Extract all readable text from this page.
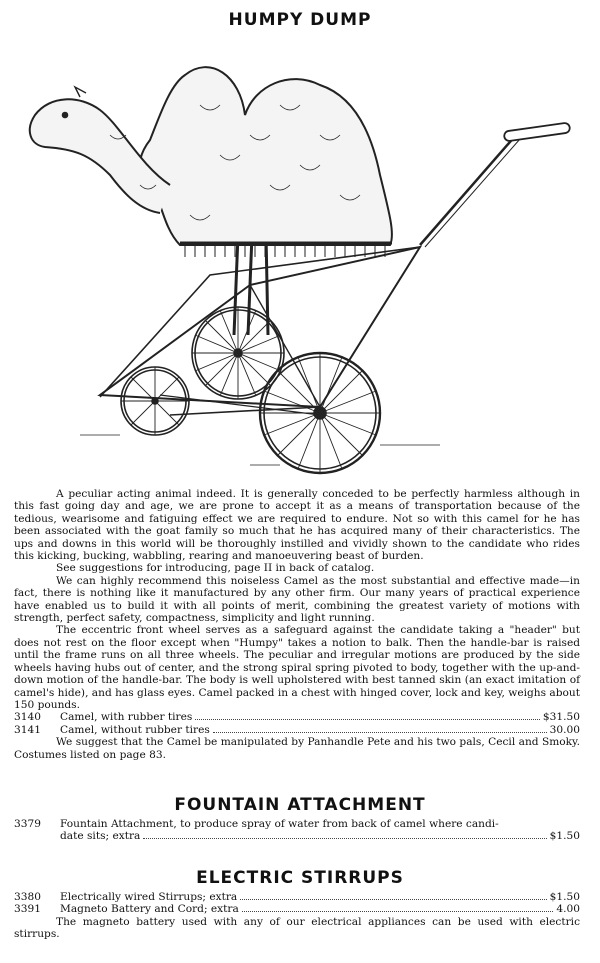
HUMPY DUMP

A peculiar acting animal indeed. It is generally conceded to be perfectly harmless although in this fast going day and age, we are prone to accept it as a means of transportation because of the tedious, wearisome and fatiguing effect we are required to endure. Not so with this camel for he has been associated with the goat family so much that he has acquired many of their characteristics. The ups and downs in this world will be thoroughly instilled and vividly shown to the candidate who rides this kicking, bucking, wabbling, rearing and manoeuvering beast of burden.

See suggestions for introducing, page II in back of catalog.

We can highly recommend this noiseless Camel as the most substantial and effective made—in fact, there is nothing like it manufactured by any other firm. Our many years of practical experience have enabled us to build it with all points of merit, combining the greatest variety of motions with strength, perfect safety, compactness, simplicity and light running.

The eccentric front wheel serves as a safeguard against the candidate taking a "header" but does not rest on the floor except when "Humpy" takes a notion to balk. Then the handle-bar is raised until the frame runs on all three wheels. The peculiar and irregular motions are produced by the side wheels having hubs out of center, and the strong spiral spring pivoted to body, together with the up-and-down motion of the handle-bar. The body is well upholstered with best tanned skin (an exact imitation of camel's hide), and has glass eyes. Camel packed in a chest with hinged cover, lock and key, weighs about 150 pounds.

3140	Camel, with rubber tires	$31.50
3141	Camel, without rubber tires	30.00

We suggest that the Camel be manipulated by Panhandle Pete and his two pals, Cecil and Smoky. Costumes listed on page 83.

FOUNTAIN ATTACHMENT
3379	Fountain Attachment, to produce spray of water from back of camel where candi-
date sits; extra	$1.50
ELECTRIC STIRRUPS
3380	Electrically wired Stirrups; extra	$1.50
3391	Magneto Battery and Cord; extra	4.00

The magneto battery used with any of our electrical appliances can be used with electric stirrups.
